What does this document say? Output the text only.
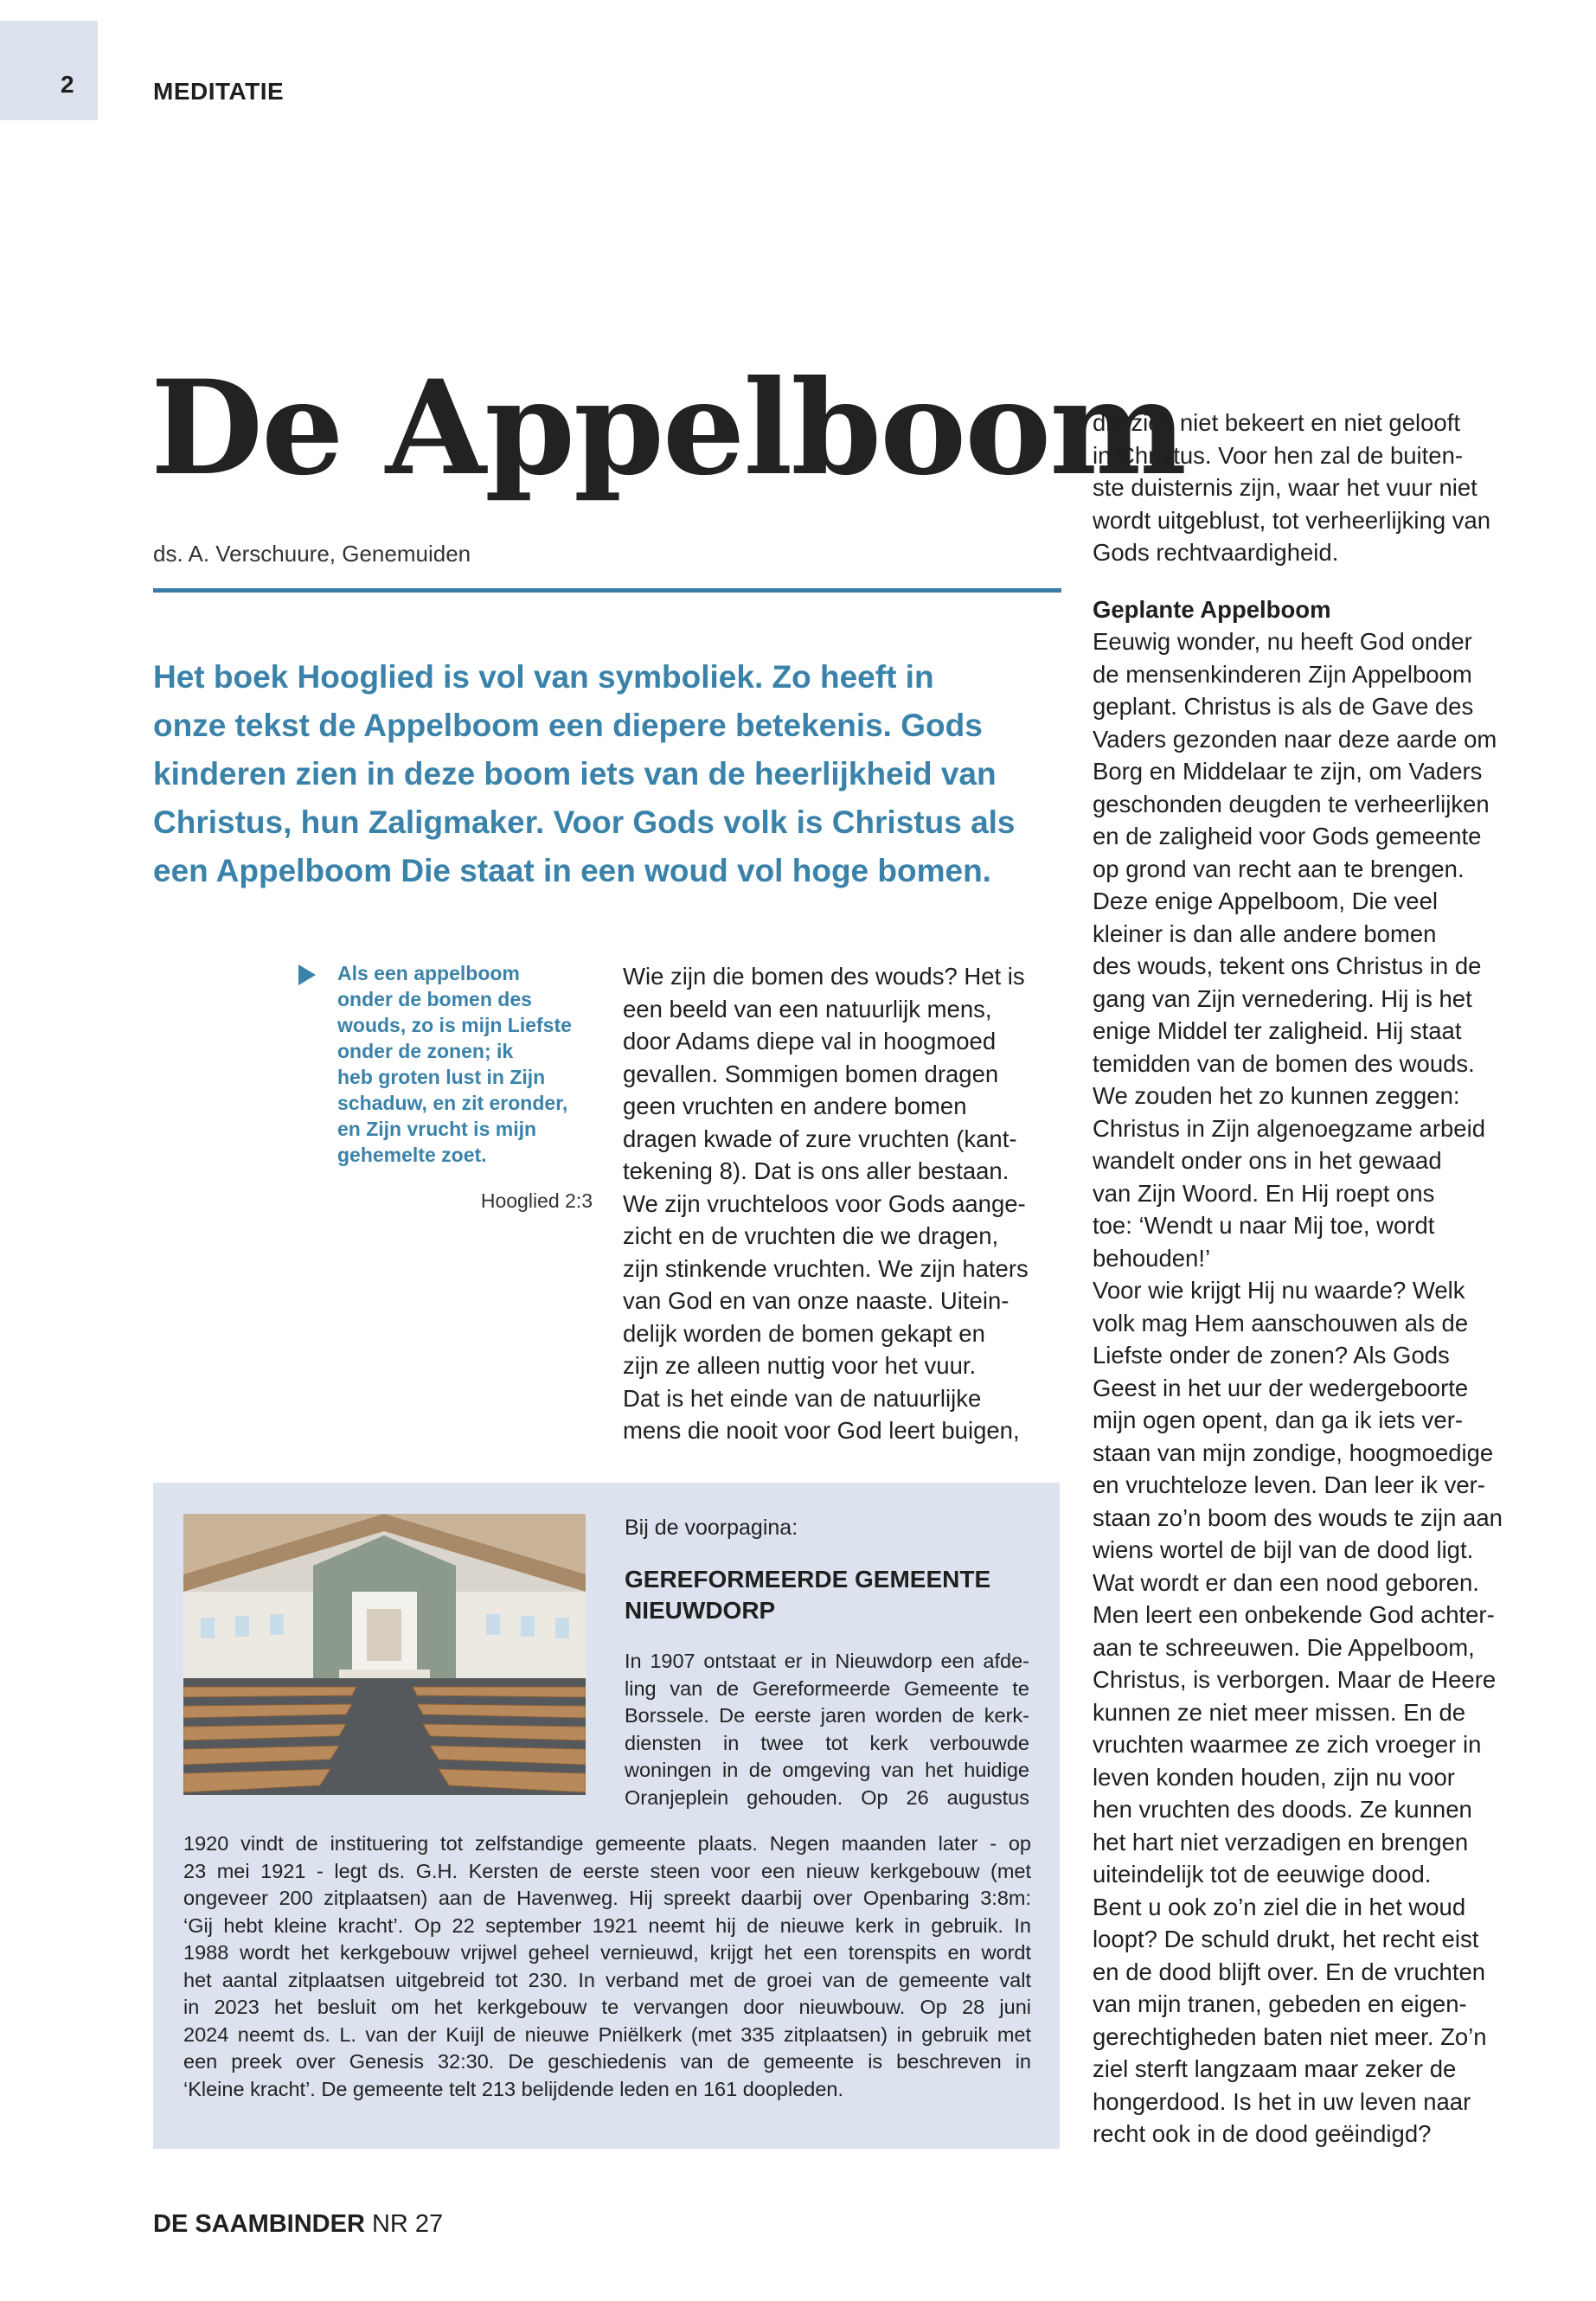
2	MEDITATIE
De Appelboom
ds. A. Verschuure, Genemuiden
Het boek Hooglied is vol van symboliek. Zo heeft in
onze tekst de Appelboom een diepere betekenis. Gods
kinderen zien in deze boom iets van de heerlijkheid van
Christus, hun Zaligmaker. Voor Gods volk is Christus als
een Appelboom Die staat in een woud vol hoge bomen.
Als een appelboom
onder de bomen des
wouds, zo is mijn Liefste
onder de zonen; ik
heb groten lust in Zijn
schaduw, en zit eronder,
en Zijn vrucht is mijn
gehemelte zoet.
Hooglied 2:3
Wie zijn die bomen des wouds? Het is
een beeld van een natuurlijk mens,
door Adams diepe val in hoogmoed
gevallen. Sommigen bomen dragen
geen vruchten en andere bomen
dragen kwade of zure vruchten (kant-
tekening 8). Dat is ons aller bestaan.
We zijn vruchteloos voor Gods aange-
zicht en de vruchten die we dragen,
zijn stinkende vruchten. We zijn haters
van God en van onze naaste. Uitein-
delijk worden de bomen gekapt en
zijn ze alleen nuttig voor het vuur.
Dat is het einde van de natuurlijke
mens die nooit voor God leert buigen,
die zich niet bekeert en niet gelooft
in Christus. Voor hen zal de buiten-
ste duisternis zijn, waar het vuur niet
wordt uitgeblust, tot verheerlijking van
Gods rechtvaardigheid.
Geplante Appelboom
Eeuwig wonder, nu heeft God onder
de mensenkinderen Zijn Appelboom
geplant. Christus is als de Gave des
Vaders gezonden naar deze aarde om
Borg en Middelaar te zijn, om Vaders
geschonden deugden te verheerlijken
en de zaligheid voor Gods gemeente
op grond van recht aan te brengen.
Deze enige Appelboom, Die veel
kleiner is dan alle andere bomen
des wouds, tekent ons Christus in de
gang van Zijn vernedering. Hij is het
enige Middel ter zaligheid. Hij staat
temidden van de bomen des wouds.
We zouden het zo kunnen zeggen:
Christus in Zijn algenoegzame arbeid
wandelt onder ons in het gewaad
van Zijn Woord. En Hij roept ons
toe: ‘Wendt u naar Mij toe, wordt
behouden!’
Voor wie krijgt Hij nu waarde? Welk
volk mag Hem aanschouwen als de
Liefste onder de zonen? Als Gods
Geest in het uur der wedergeboorte
mijn ogen opent, dan ga ik iets ver-
staan van mijn zondige, hoogmoedige
en vruchteloze leven. Dan leer ik ver-
staan zo’n boom des wouds te zijn aan
wiens wortel de bijl van de dood ligt.
Wat wordt er dan een nood geboren.
Men leert een onbekende God achter-
aan te schreeuwen. Die Appelboom,
Christus, is verborgen. Maar de Heere
kunnen ze niet meer missen. En de
vruchten waarmee ze zich vroeger in
leven konden houden, zijn nu voor
hen vruchten des doods. Ze kunnen
het hart niet verzadigen en brengen
uiteindelijk tot de eeuwige dood.
Bent u ook zo’n ziel die in het woud
loopt? De schuld drukt, het recht eist
en de dood blijft over. En de vruchten
van mijn tranen, gebeden en eigen-
gerechtigheden baten niet meer. Zo’n
ziel sterft langzaam maar zeker de
hongerdood. Is het in uw leven naar
recht ook in de dood geëindigd?
Bij de voorpagina:
GEREFORMEERDE GEMEENTE
NIEUWDORP
In 1907 ontstaat er in Nieuwdorp een afde-
ling van de Gereformeerde Gemeente te
Borssele. De eerste jaren worden de kerk-
diensten in twee tot kerk verbouwde
woningen in de omgeving van het huidige
Oranjeplein gehouden. Op 26 augustus
1920 vindt de instituering tot zelfstandige gemeente plaats. Negen maanden later - op
23 mei 1921 - legt ds. G.H. Kersten de eerste steen voor een nieuw kerkgebouw (met
ongeveer 200 zitplaatsen) aan de Havenweg. Hij spreekt daarbij over Openbaring 3:8m:
‘Gij hebt kleine kracht’. Op 22 september 1921 neemt hij de nieuwe kerk in gebruik. In
1988 wordt het kerkgebouw vrijwel geheel vernieuwd, krijgt het een torenspits en wordt
het aantal zitplaatsen uitgebreid tot 230. In verband met de groei van de gemeente valt
in 2023 het besluit om het kerkgebouw te vervangen door nieuwbouw. Op 28 juni
2024 neemt ds. L. van der Kuijl de nieuwe Pniëlkerk (met 335 zitplaatsen) in gebruik met
een preek over Genesis 32:30. De geschiedenis van de gemeente is beschreven in
‘Kleine kracht’. De gemeente telt 213 belijdende leden en 161 doopleden.
DE SAAMBINDER NR 27
